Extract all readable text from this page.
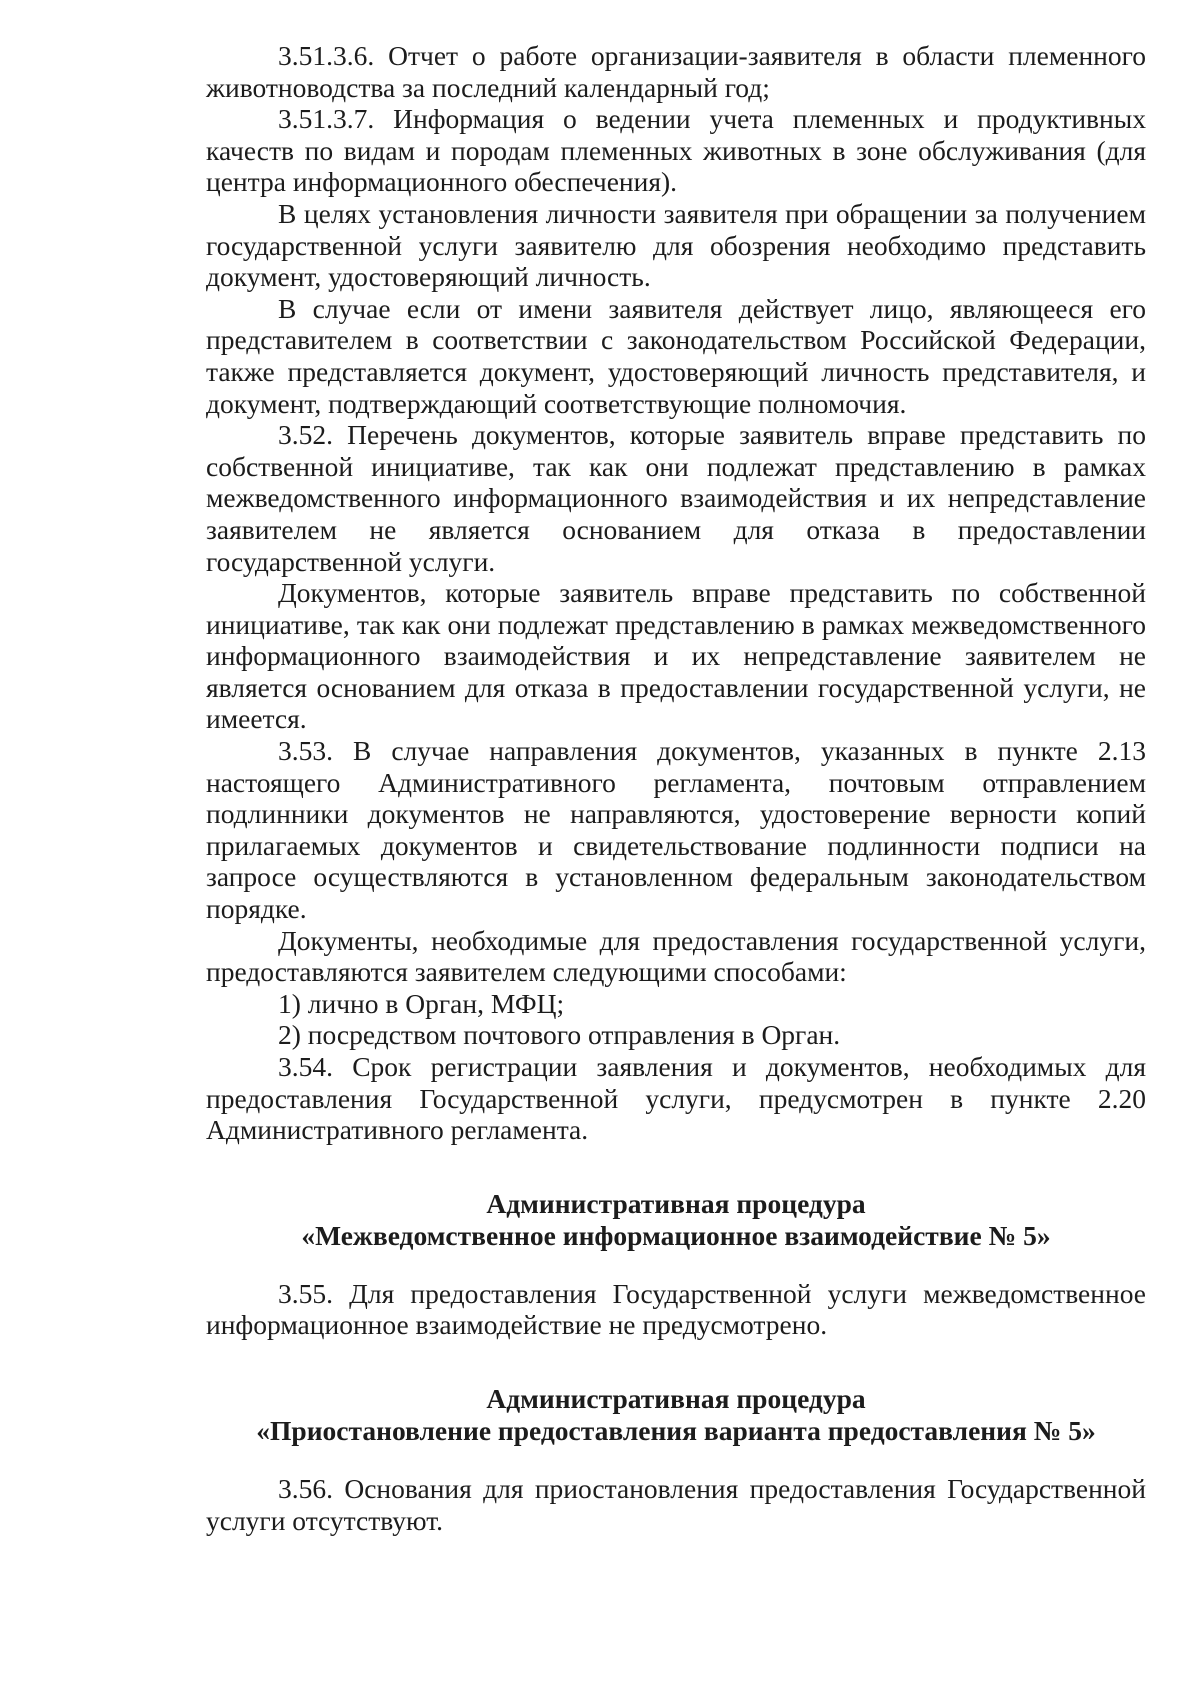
3.51.3.6. Отчет о работе организации-заявителя в области племенного животноводства за последний календарный год;

3.51.3.7. Информация о ведении учета племенных и продуктивных качеств по видам и породам племенных животных в зоне обслуживания (для центра информационного обеспечения).

В целях установления личности заявителя при обращении за получением государственной услуги заявителю для обозрения необходимо представить документ, удостоверяющий личность.

В случае если от имени заявителя действует лицо, являющееся его представителем в соответствии с законодательством Российской Федерации, также представляется документ, удостоверяющий личность представителя, и документ, подтверждающий соответствующие полномочия.

3.52. Перечень документов, которые заявитель вправе представить по собственной инициативе, так как они подлежат представлению в рамках межведомственного информационного взаимодействия и их непредставление заявителем не является основанием для отказа в предоставлении государственной услуги.

Документов, которые заявитель вправе представить по собственной инициативе, так как они подлежат представлению в рамках межведомственного информационного взаимодействия и их непредставление заявителем не является основанием для отказа в предоставлении государственной услуги, не имеется.

3.53. В случае направления документов, указанных в пункте 2.13 настоящего Административного регламента, почтовым отправлением подлинники документов не направляются, удостоверение верности копий прилагаемых документов и свидетельствование подлинности подписи на запросе осуществляются в установленном федеральным законодательством порядке.

Документы, необходимые для предоставления государственной услуги, предоставляются заявителем следующими способами:

1) лично в Орган, МФЦ;

2) посредством почтового отправления в Орган.

3.54. Срок регистрации заявления и документов, необходимых для предоставления Государственной услуги, предусмотрен в пункте 2.20 Административного регламента.

Административная процедура

«Межведомственное информационное взаимодействие № 5»

3.55. Для предоставления Государственной услуги межведомственное информационное взаимодействие не предусмотрено.

Административная процедура

«Приостановление предоставления варианта предоставления № 5»

3.56. Основания для приостановления предоставления Государственной услуги отсутствуют.
